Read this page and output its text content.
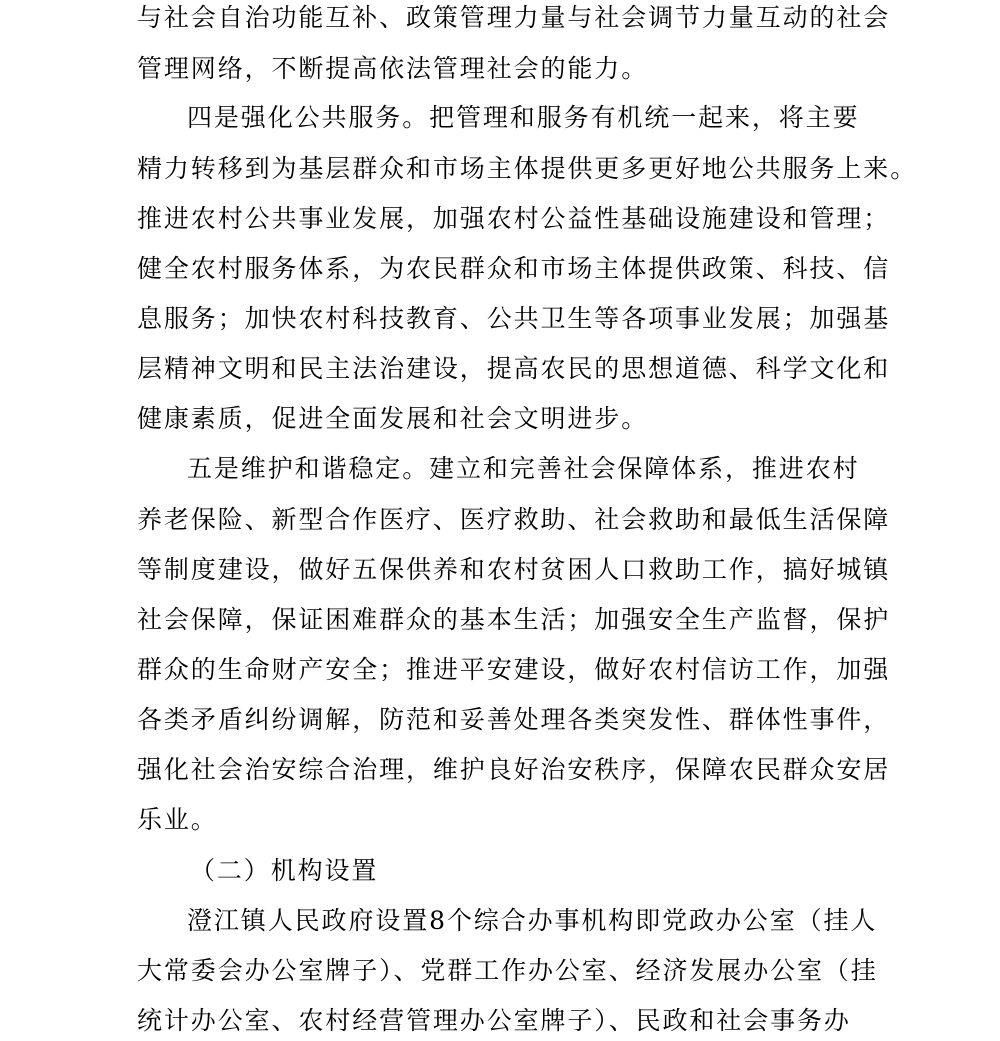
与社会自治功能互补、政策管理力量与社会调节力量互动的社会
管理网络，不断提高依法管理社会的能力。
四是强化公共服务。把管理和服务有机统一起来，将主要
精力转移到为基层群众和市场主体提供更多更好地公共服务上来。
推进农村公共事业发展，加强农村公益性基础设施建设和管理；
健全农村服务体系，为农民群众和市场主体提供政策、科技、信
息服务；加快农村科技教育、公共卫生等各项事业发展；加强基
层精神文明和民主法治建设，提高农民的思想道德、科学文化和
健康素质，促进全面发展和社会文明进步。
五是维护和谐稳定。建立和完善社会保障体系，推进农村
养老保险、新型合作医疗、医疗救助、社会救助和最低生活保障
等制度建设，做好五保供养和农村贫困人口救助工作，搞好城镇
社会保障，保证困难群众的基本生活；加强安全生产监督，保护
群众的生命财产安全；推进平安建设，做好农村信访工作，加强
各类矛盾纠纷调解，防范和妥善处理各类突发性、群体性事件，
强化社会治安综合治理，维护良好治安秩序，保障农民群众安居
乐业。
（二）机构设置
澄江镇人民政府设置8个综合办事机构即党政办公室（挂人
大常委会办公室牌子）、党群工作办公室、经济发展办公室（挂
统计办公室、农村经营管理办公室牌子）、民政和社会事务办
